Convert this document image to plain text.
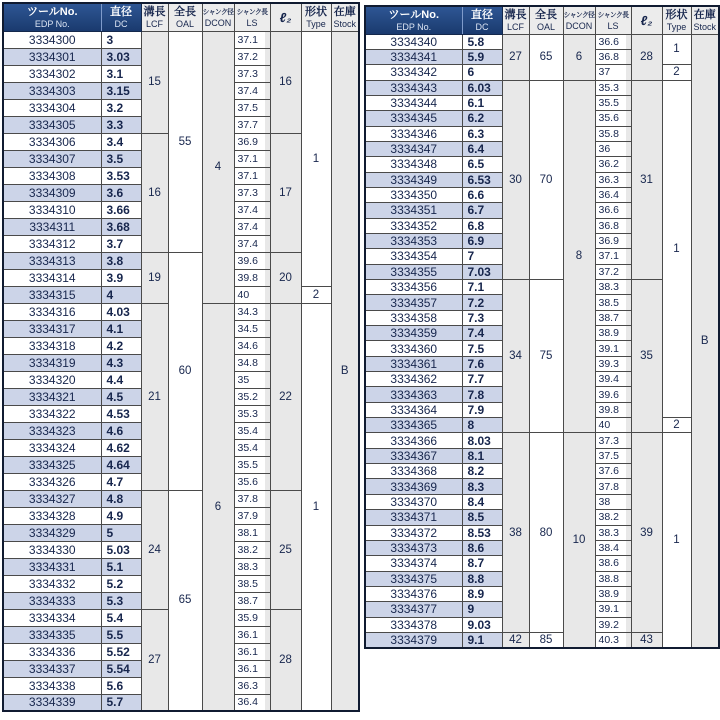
ツールNo.
EDP No.

直径
DC

溝長
LCF

全長
OAL

シャンク径
DCON

シャンク長
LS	ℓ₂	形状
Type

在庫
Stock

3334300	3	15	55	4	37.1	16	1	B
3334301	3.03				37.2			
3334302	3.1				37.3			
3334303	3.15				37.4			
3334304	3.2				37.5			
3334305	3.3				37.7			
3334306	3.4	16			36.9	17		
3334307	3.5				37.1			
3334308	3.53				37.1			
3334309	3.6				37.3			
3334310	3.66				37.4			
3334311	3.68				37.4			
3334312	3.7				37.4			
3334313	3.8	19	60		39.6	20		
3334314	3.9				39.8			
3334315	4				40		2	
3334316	4.03	21		6	34.3	22	1	
3334317	4.1				34.5			
3334318	4.2				34.6			
3334319	4.3				34.8			
3334320	4.4				35			
3334321	4.5				35.2			
3334322	4.53				35.3			
3334323	4.6				35.4			
3334324	4.62				35.4			
3334325	4.64				35.5			
3334326	4.7				35.6			
3334327	4.8	24	65		37.8	25		
3334328	4.9				37.9			
3334329	5				38.1			
3334330	5.03				38.2			
3334331	5.1				38.3			
3334332	5.2				38.5			
3334333	5.3				38.7			
3334334	5.4	27			35.9	28		
3334335	5.5				36.1			
3334336	5.52				36.1			
3334337	5.54				36.1			
3334338	5.6				36.3			
3334339	5.7				36.4			
ツールNo.
EDP No.

直径
DC

溝長
LCF

全長
OAL

シャンク径
DCON

シャンク長
LS	ℓ₂	形状
Type

在庫
Stock

3334340	5.8	27	65	6	36.6	28	1	B
3334341	5.9				36.8			
3334342	6				37		2	
3334343	6.03	30	70	8	35.3	31	1	
3334344	6.1				35.5			
3334345	6.2				35.6			
3334346	6.3				35.8			
3334347	6.4				36			
3334348	6.5				36.2			
3334349	6.53				36.3			
3334350	6.6				36.4			
3334351	6.7				36.6			
3334352	6.8				36.8			
3334353	6.9				36.9			
3334354	7				37.1			
3334355	7.03				37.2			
3334356	7.1	34	75		38.3	35		
3334357	7.2				38.5			
3334358	7.3				38.7			
3334359	7.4				38.9			
3334360	7.5				39.1			
3334361	7.6				39.3			
3334362	7.7				39.4			
3334363	7.8				39.6			
3334364	7.9				39.8			
3334365	8				40		2	
3334366	8.03	38	80	10	37.3	39	1	
3334367	8.1				37.5			
3334368	8.2				37.6			
3334369	8.3				37.8			
3334370	8.4				38			
3334371	8.5				38.2			
3334372	8.53				38.3			
3334373	8.6				38.4			
3334374	8.7				38.6			
3334375	8.8				38.8			
3334376	8.9				38.9			
3334377	9				39.1			
3334378	9.03				39.2			
3334379	9.1	42	85		40.3	43		
